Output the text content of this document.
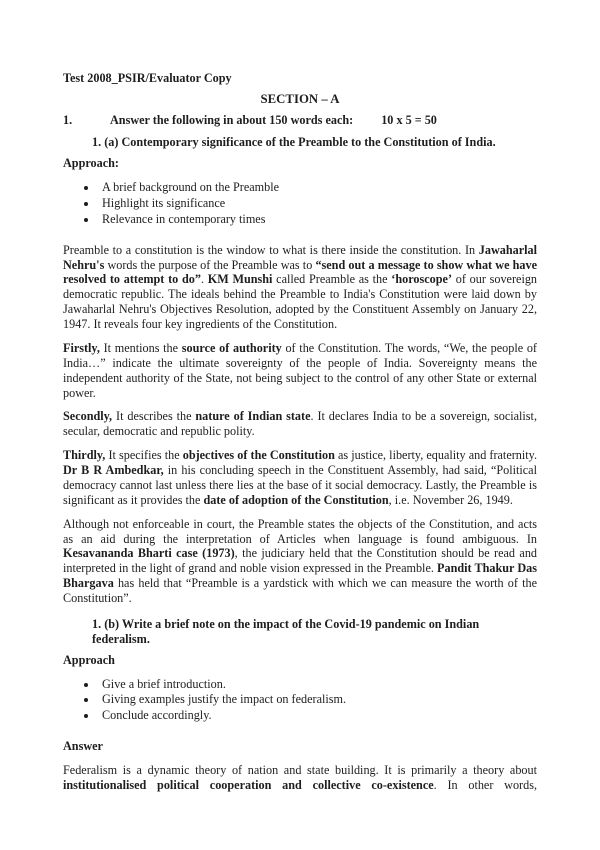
Test 2008_PSIR/Evaluator Copy
SECTION – A
1.	Answer the following in about 150 words each: 10 x 5 = 50
1. (a) Contemporary significance of the Preamble to the Constitution of India.
Approach:
• A brief background on the Preamble
• Highlight its significance
• Relevance in contemporary times

Preamble to a constitution is the window to what is there inside the constitution. In Jawaharlal Nehru's words the purpose of the Preamble was to “send out a message to show what we have resolved to attempt to do”. KM Munshi called Preamble as the ‘horoscope’ of our sovereign democratic republic. The ideals behind the Preamble to India's Constitution were laid down by Jawaharlal Nehru's Objectives Resolution, adopted by the Constituent Assembly on January 22, 1947. It reveals four key ingredients of the Constitution.

Firstly, It mentions the source of authority of the Constitution. The words, “We, the people of India…” indicate the ultimate sovereignty of the people of India. Sovereignty means the independent authority of the State, not being subject to the control of any other State or external power.

Secondly, It describes the nature of Indian state. It declares India to be a sovereign, socialist, secular, democratic and republic polity.

Thirdly, It specifies the objectives of the Constitution as justice, liberty, equality and fraternity. Dr B R Ambedkar, in his concluding speech in the Constituent Assembly, had said, “Political democracy cannot last unless there lies at the base of it social democracy. Lastly, the Preamble is significant as it provides the date of adoption of the Constitution, i.e. November 26, 1949.

Although not enforceable in court, the Preamble states the objects of the Constitution, and acts as an aid during the interpretation of Articles when language is found ambiguous. In Kesavananda Bharti case (1973), the judiciary held that the Constitution should be read and interpreted in the light of grand and noble vision expressed in the Preamble. Pandit Thakur Das Bhargava has held that “Preamble is a yardstick with which we can measure the worth of the Constitution”.

1. (b) Write a brief note on the impact of the Covid-19 pandemic on Indian federalism.
Approach
• Give a brief introduction.
• Giving examples justify the impact on federalism.
• Conclude accordingly.
Answer

Federalism is a dynamic theory of nation and state building. It is primarily a theory about institutionalised political cooperation and collective co-existence. In other words,
